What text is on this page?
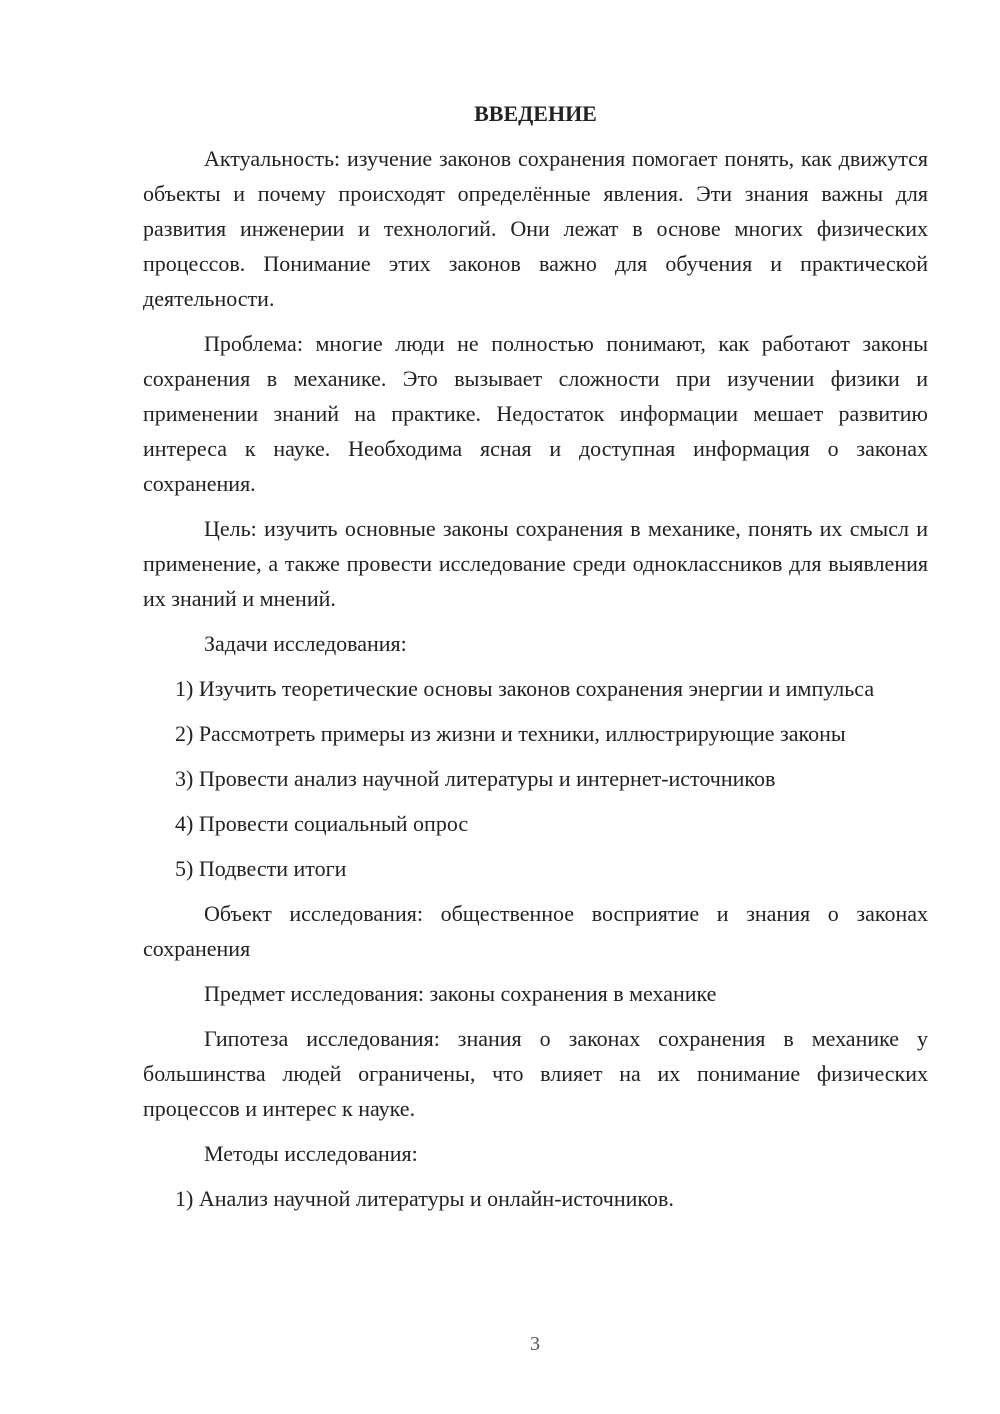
ВВЕДЕНИЕ

Актуальность: изучение законов сохранения помогает понять, как движутся объекты и почему происходят определённые явления. Эти знания важны для развития инженерии и технологий. Они лежат в основе многих физических процессов. Понимание этих законов важно для обучения и практической деятельности.

Проблема: многие люди не полностью понимают, как работают законы сохранения в механике. Это вызывает сложности при изучении физики и применении знаний на практике. Недостаток информации мешает развитию интереса к науке. Необходима ясная и доступная информация о законах сохранения.

Цель: изучить основные законы сохранения в механике, понять их смысл и применение, а также провести исследование среди одноклассников для выявления их знаний и мнений.

Задачи исследования:

1) Изучить теоретические основы законов сохранения энергии и импульса

2) Рассмотреть примеры из жизни и техники, иллюстрирующие законы

3) Провести анализ научной литературы и интернет-источников

4) Провести социальный опрос

5) Подвести итоги

Объект исследования: общественное восприятие и знания о законах сохранения

Предмет исследования: законы сохранения в механике

Гипотеза исследования: знания о законах сохранения в механике у большинства людей ограничены, что влияет на их понимание физических процессов и интерес к науке.

Методы исследования:

1) Анализ научной литературы и онлайн-источников.

3
